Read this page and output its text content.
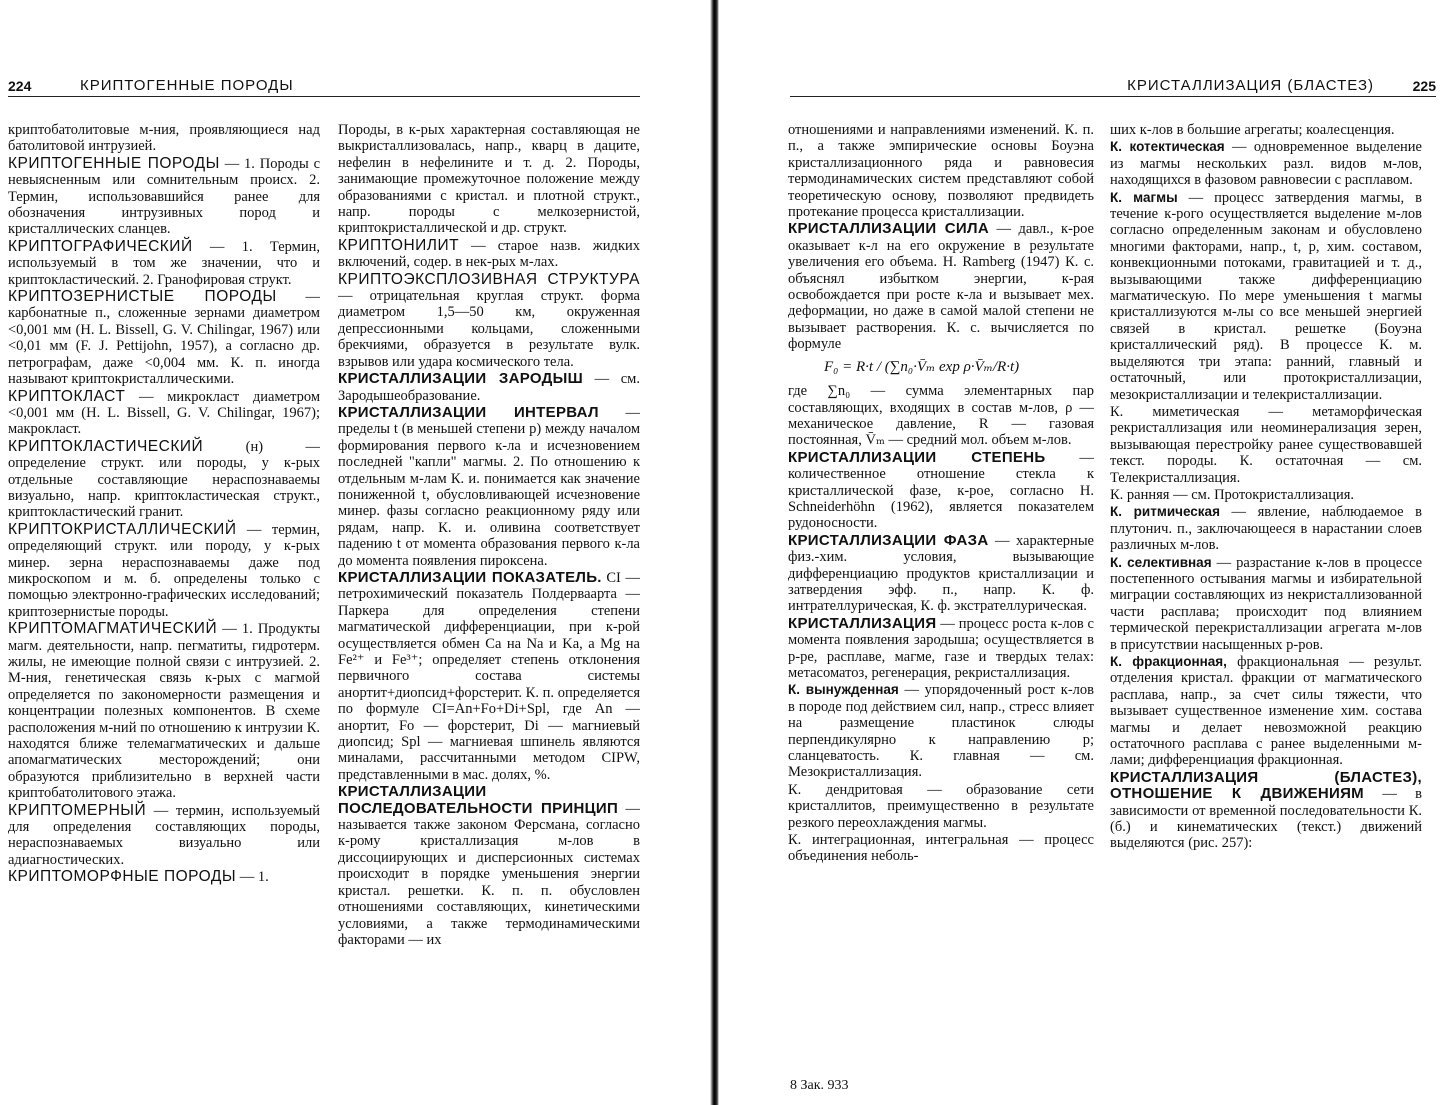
224	КРИПТОГЕННЫЕ ПОРОДЫ

криптобатолитовые м-ния, проявляющиеся над батолитовой интрузией.

КРИПТОГЕННЫЕ ПОРОДЫ — 1. Породы с невыясненным или сомнительным происх. 2. Термин, использовавшийся ранее для обозначения интрузивных пород и кристаллических сланцев.

КРИПТОГРАФИЧЕСКИЙ — 1. Термин, используемый в том же значении, что и криптокластический. 2. Гранофировая структ.

КРИПТОЗЕРНИСТЫЕ ПОРОДЫ — карбонатные п., сложенные зернами диаметром <0,001 мм (H. L. Bissell, G. V. Chilingar, 1967) или <0,01 мм (F. J. Pettijohn, 1957), а согласно др. петрографам, даже <0,004 мм. К. п. иногда называют криптокристаллическими.

КРИПТОКЛАСТ — микрокласт диаметром <0,001 мм (H. L. Bissell, G. V. Chilingar, 1967); макрокласт.

КРИПТОКЛАСТИЧЕСКИЙ (н) — определение структ. или породы, у к-рых отдельные составляющие нераспознаваемы визуально, напр. криптокластическая структ., криптокластический гранит.

КРИПТОКРИСТАЛЛИЧЕСКИЙ — термин, определяющий структ. или породу, у к-рых минер. зерна нераспознаваемы даже под микроскопом и м. б. определены только с помощью электронно-графических исследований; криптозернистые породы.

КРИПТОМАГМАТИЧЕСКИЙ — 1. Продукты магм. деятельности, напр. пегматиты, гидротерм. жилы, не имеющие полной связи с интрузией. 2. М-ния, генетическая связь к-рых с магмой определяется по закономерности размещения и концентрации полезных компонентов. В схеме расположения м-ний по отношению к интрузии К. находятся ближе телемагматических и дальше апомагматических месторождений; они образуются приблизительно в верхней части криптобатолитового этажа.

КРИПТОМЕРНЫЙ — термин, используемый для определения составляющих породы, нераспознаваемых визуально или адиагностических.

КРИПТОМОРФНЫЕ ПОРОДЫ — 1.

Породы, в к-рых характерная составляющая не выкристаллизовалась, напр., кварц в даците, нефелин в нефелините и т. д. 2. Породы, занимающие промежуточное положение между образованиями с кристал. и плотной структ., напр. породы с мелкозернистой, криптокристаллической и др. структ.

КРИПТОНИЛИТ — старое назв. жидких включений, содер. в нек-рых м-лах.

КРИПТОЭКСПЛОЗИВНАЯ СТРУКТУРА — отрицательная круглая структ. форма диаметром 1,5—50 км, окруженная депрессионными кольцами, сложенными брекчиями, образуется в результате вулк. взрывов или удара космического тела.

КРИСТАЛЛИЗАЦИИ ЗАРОДЫШ — см. Зародышеобразование.

КРИСТАЛЛИЗАЦИИ ИНТЕРВАЛ — пределы t (в меньшей степени p) между началом формирования первого к-ла и исчезновением последней "капли" магмы. 2. По отношению к отдельным м-лам К. и. понимается как значение пониженной t, обусловливающей исчезновение минер. фазы согласно реакционному ряду или рядам, напр. К. и. оливина соответствует падению t от момента образования первого к-ла до момента появления пироксена.

КРИСТАЛЛИЗАЦИИ ПОКАЗАТЕЛЬ. CI — петрохимический показатель Полдерваарта — Паркера для определения степени магматической дифференциации, при к-рой осуществляется обмен Ca на Na и Ka, a Mg на Fe²⁺ и Fe³⁺; определяет степень отклонения первичного состава системы анортит+диопсид+форстерит. К. п. определяется по формуле CI=An+Fo+Di+Spl, где An — анортит, Fo — форстерит, Di — магниевый диопсид; Spl — магниевая шпинель являются миналами, рассчитанными методом CIPW, представленными в мас. долях, %.

КРИСТАЛЛИЗАЦИИ ПОСЛЕДОВАТЕЛЬНОСТИ ПРИНЦИП — называется также законом Ферсмана, согласно к-рому кристаллизация м-лов в диссоциирующих и дисперсионных системах происходит в порядке уменьшения энергии кристал. решетки. К. п. п. обусловлен отношениями составляющих, кинетическими условиями, а также термодинамическими факторами — их

КРИСТАЛЛИЗАЦИЯ (БЛАСТЕЗ)	225

отношениями и направлениями изменений. К. п. п., а также эмпирические основы Боуэна кристаллизационного ряда и равновесия термодинамических систем представляют собой теоретическую основу, позволяют предвидеть протекание процесса кристаллизации.

КРИСТАЛЛИЗАЦИИ СИЛА — давл., к-рое оказывает к-л на его окружение в результате увеличения его объема. H. Ramberg (1947) К. с. объяснял избытком энергии, к-рая освобождается при росте к-ла и вызывает мех. деформации, но даже в самой малой степени не вызывает растворения. К. с. вычисляется по формуле

F₀ = R·t / (∑n₀·V̄ₘ exp ρ·V̄ₘ/R·t)

где ∑n₀ — сумма элементарных пар составляющих, входящих в состав м-лов, ρ — механическое давление, R — газовая постоянная, V̄ₘ — средний мол. объем м-лов.

КРИСТАЛЛИЗАЦИИ СТЕПЕНЬ — количественное отношение стекла к кристаллической фазе, к-рое, согласно H. Schneiderhöhn (1962), является показателем рудоносности.

КРИСТАЛЛИЗАЦИИ ФАЗА — характерные физ.-хим. условия, вызывающие дифференциацию продуктов кристаллизации и затвердения эфф. п., напр. К. ф. интрателлурическая, К. ф. экстрателлурическая.

КРИСТАЛЛИЗАЦИЯ — процесс роста к-лов с момента появления зародыша; осуществляется в р-ре, расплаве, магме, газе и твердых телах: метасоматоз, регенерация, рекристаллизация.

К. вынужденная — упорядоченный рост к-лов в породе под действием сил, напр., стресс влияет на размещение пластинок слюды перпендикулярно к направлению p; сланцеватость. К. главная — см. Мезокристаллизация.

К. дендритовая — образование сети кристаллитов, преимущественно в результате резкого переохлаждения магмы.

К. интеграционная, интегральная — процесс объединения неболь-

ших к-лов в большие агрегаты; коалесценция.

К. котектическая — одновременное выделение из магмы нескольких разл. видов м-лов, находящихся в фазовом равновесии с расплавом.

К. магмы — процесс затвердения магмы, в течение к-рого осуществляется выделение м-лов согласно определенным законам и обусловлено многими факторами, напр., t, p, хим. составом, конвекционными потоками, гравитацией и т. д., вызывающими также дифференциацию магматическую. По мере уменьшения t магмы кристаллизуются м-лы со все меньшей энергией связей в кристал. решетке (Боуэна кристаллический ряд). В процессе К. м. выделяются три этапа: ранний, главный и остаточный, или протокристаллизации, мезокристаллизации и телекристаллизации.

К. миметическая — метаморфическая рекристаллизация или неоминерализация зерен, вызывающая перестройку ранее существовавшей текст. породы. К. остаточная — см. Телекристаллизация.

К. ранняя — см. Протокристаллизация.

К. ритмическая — явление, наблюдаемое в плутонич. п., заключающееся в нарастании слоев различных м-лов.

К. селективная — разрастание к-лов в процессе постепенного остывания магмы и избирательной миграции составляющих из некристаллизованной части расплава; происходит под влиянием термической перекристаллизации агрегата м-лов в присутствии насыщенных р-ров.

К. фракционная, фракциональная — результ. отделения кристал. фракции от магматического расплава, напр., за счет силы тяжести, что вызывает существенное изменение хим. состава магмы и делает невозможной реакцию остаточного расплава с ранее выделенными м-лами; дифференциация фракционная.

КРИСТАЛЛИЗАЦИЯ (БЛАСТЕЗ), ОТНОШЕНИЕ К ДВИЖЕНИЯМ — в зависимости от временной последовательности К. (б.) и кинематических (текст.) движений выделяются (рис. 257):

8 Зак. 933
